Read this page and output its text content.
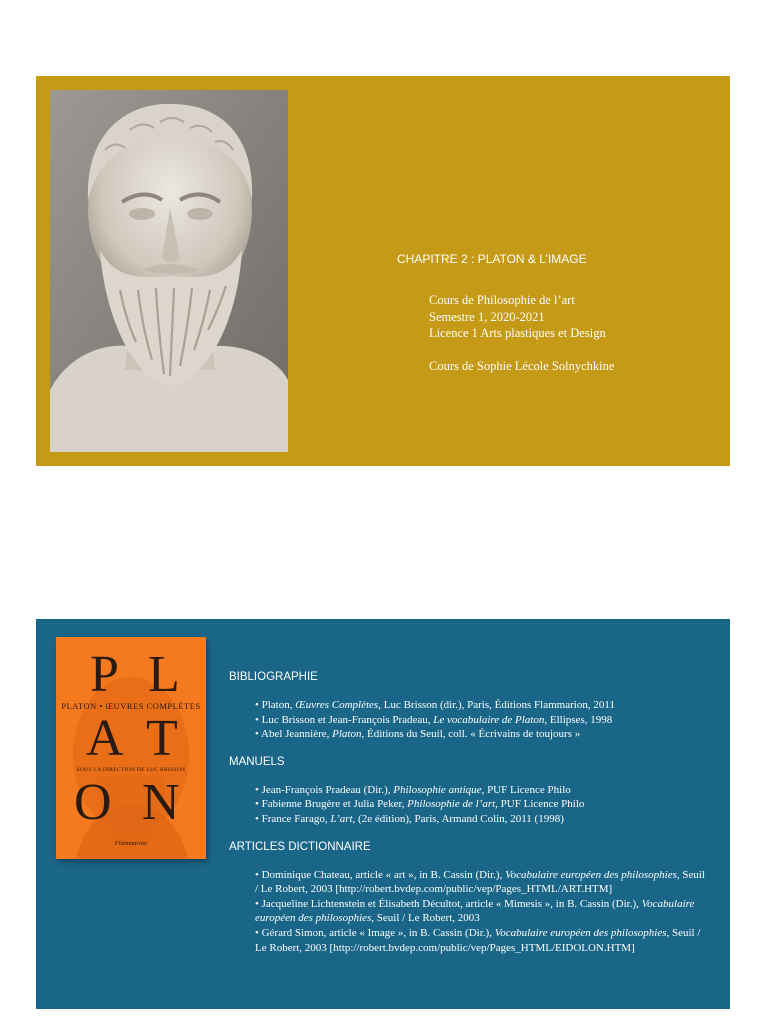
CHAPITRE 2 : PLATON & L’IMAGE
Cours de Philosophie de l’art
Semestre 1, 2020-2021
Licence 1 Arts plastiques et Design
Cours de Sophie Lécole Solnychkine
P L
PLATON • ŒUVRES COMPLÈTES
A T
SOUS LA DIRECTION DE LUC BRISSON
O N
Flammarion
BIBLIOGRAPHIE
• Platon, Œuvres Complètes, Luc Brisson (dir.), Paris, Éditions Flammarion, 2011
• Luc Brisson et Jean-François Pradeau, Le vocabulaire de Platon, Ellipses, 1998
• Abel Jeannière, Platon, Éditions du Seuil, coll. « Écrivains de toujours »
MANUELS
• Jean-François Pradeau (Dir.), Philosophie antique, PUF Licence Philo
• Fabienne Brugère et Julia Peker, Philosophie de l’art, PUF Licence Philo
• France Farago, L’art, (2e édition), Paris, Armand Colin, 2011 (1998)
ARTICLES DICTIONNAIRE
• Dominique Chateau, article « art », in B. Cassin (Dir.), Vocabulaire européen des philosophies, Seuil / Le Robert, 2003 [http://robert.bvdep.com/public/vep/Pages_HTML/ART.HTM]
• Jacqueline Lichtenstein et Élisabeth Décultot, article « Mimesis », in B. Cassin (Dir.), Vocabulaire européen des philosophies, Seuil / Le Robert, 2003
• Gérard Simon, article « Image », in B. Cassin (Dir.), Vocabulaire européen des philosophies, Seuil / Le Robert, 2003 [http://robert.bvdep.com/public/vep/Pages_HTML/EIDOLON.HTM]
